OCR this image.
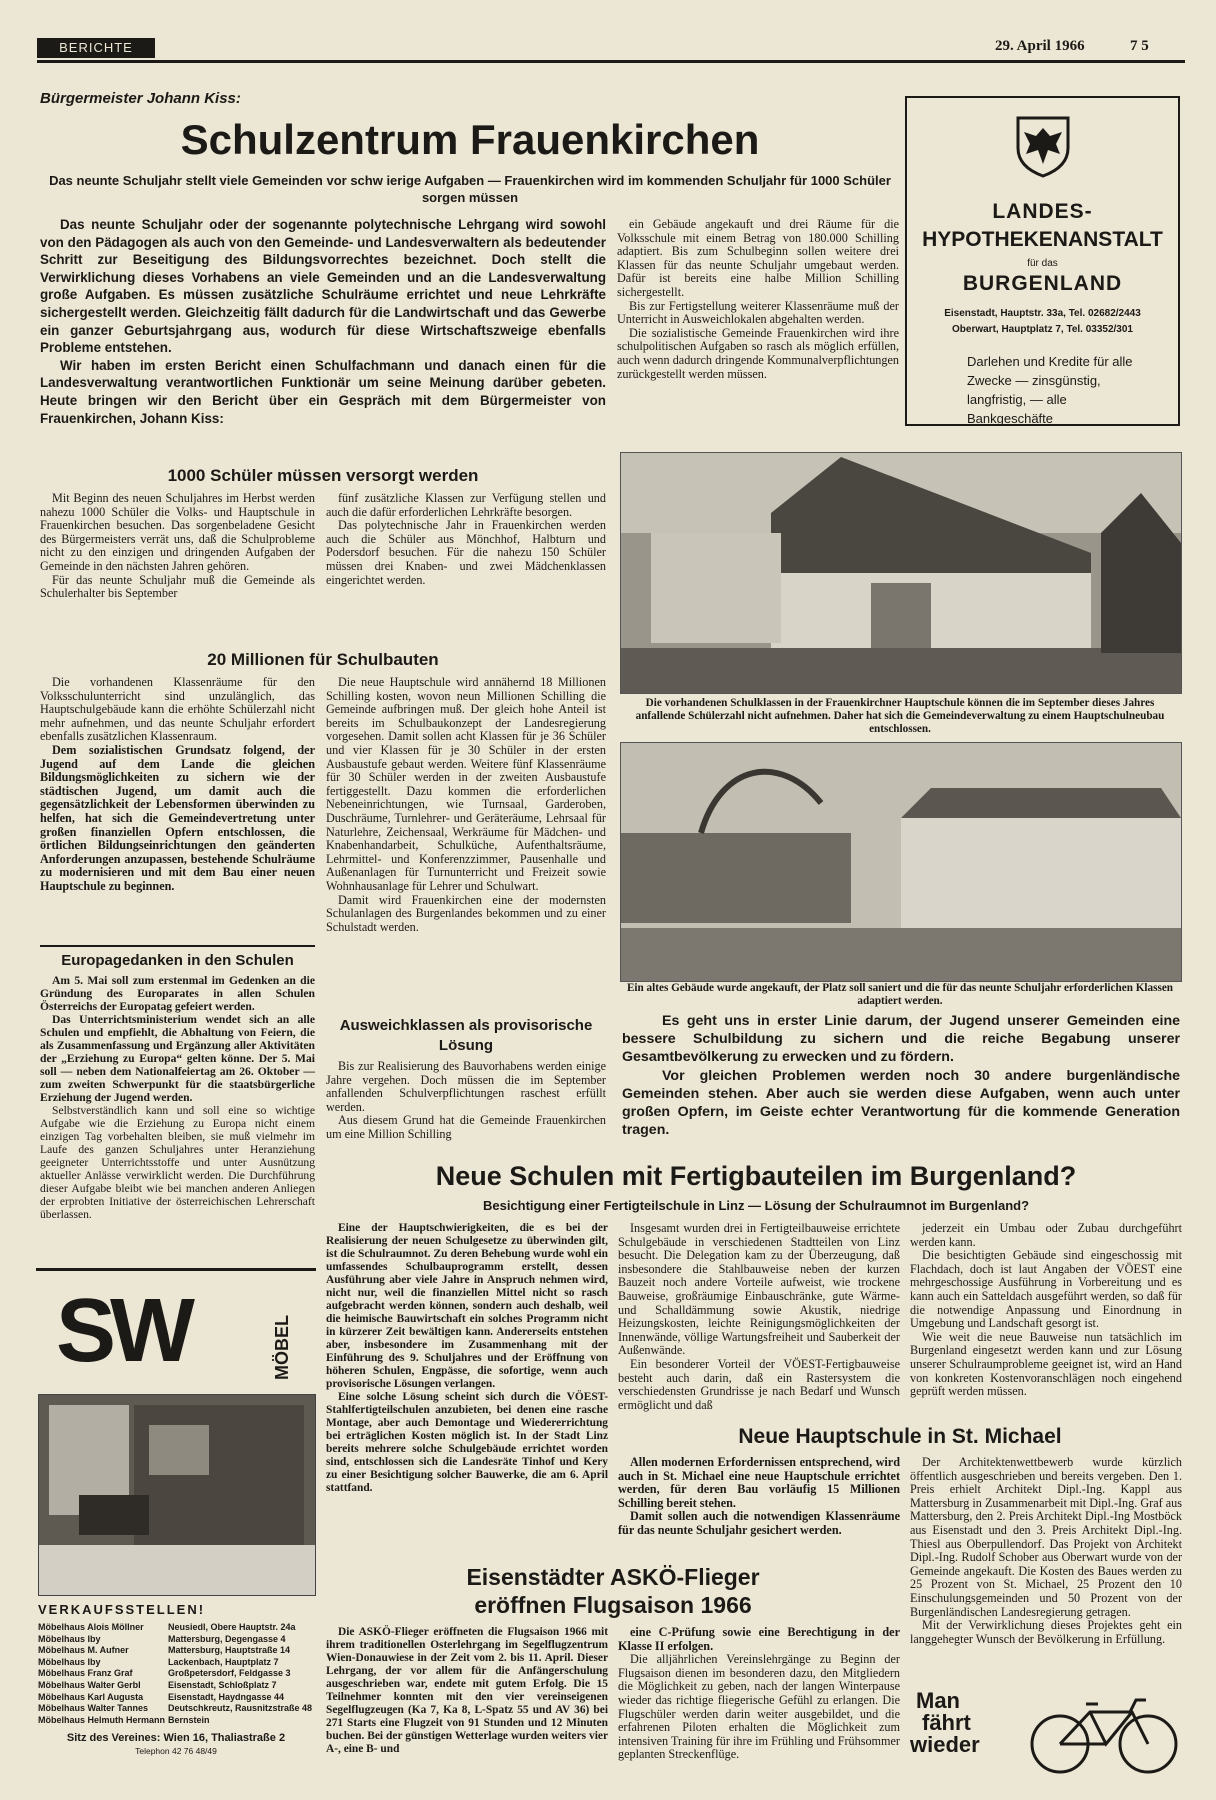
BERICHTE	29. April 1966	7 5
Bürgermeister Johann Kiss:
Schulzentrum Frauenkirchen
Das neunte Schuljahr stellt viele Gemeinden vor schw ierige Aufgaben — Frauenkirchen wird im kommenden Schuljahr für 1000 Schüler sorgen müssen

Das neunte Schuljahr oder der sogenannte polytechnische Lehrgang wird sowohl von den Pädagogen als auch von den Gemeinde- und Landesverwaltern als bedeutender Schritt zur Beseitigung des Bildungsvorrechtes bezeichnet. Doch stellt die Verwirklichung dieses Vorhabens an viele Gemeinden und an die Landesverwaltung große Aufgaben. Es müssen zusätzliche Schulräume errichtet und neue Lehrkräfte sichergestellt werden. Gleichzeitig fällt dadurch für die Landwirtschaft und das Gewerbe ein ganzer Geburtsjahrgang aus, wodurch für diese Wirtschaftszweige ebenfalls Probleme entstehen.

Wir haben im ersten Bericht einen Schulfachmann und danach einen für die Landesverwaltung verantwortlichen Funktionär um seine Meinung darüber gebeten. Heute bringen wir den Bericht über ein Gespräch mit dem Bürgermeister von Frauenkirchen, Johann Kiss:

ein Gebäude angekauft und drei Räume für die Volksschule mit einem Betrag von 180.000 Schilling adaptiert. Bis zum Schulbeginn sollen weitere drei Klassen für das neunte Schuljahr umgebaut werden. Dafür ist bereits eine halbe Million Schilling sichergestellt.

Bis zur Fertigstellung weiterer Klassenräume muß der Unterricht in Ausweichlokalen abgehalten werden.

Die sozialistische Gemeinde Frauenkirchen wird ihre schulpolitischen Aufgaben so rasch als möglich erfüllen, auch wenn dadurch dringende Kommunalverpflichtungen zurückgestellt werden müssen.

LANDES-
HYPOTHEKENANSTALT
für das
BURGENLAND
Eisenstadt, Hauptstr. 33a, Tel. 02682/2443
Oberwart, Hauptplatz 7, Tel. 03352/301
Darlehen und Kredite für alle Zwecke — zinsgünstig, langfristig, — alle Bankgeschäfte
1000 Schüler müssen versorgt werden

Mit Beginn des neuen Schuljahres im Herbst werden nahezu 1000 Schüler die Volks- und Hauptschule in Frauenkirchen besuchen. Das sorgenbeladene Gesicht des Bürgermeisters verrät uns, daß die Schulprobleme nicht zu den einzigen und dringenden Aufgaben der Gemeinde in den nächsten Jahren gehören.

Für das neunte Schuljahr muß die Gemeinde als Schulerhalter bis September

fünf zusätzliche Klassen zur Verfügung stellen und auch die dafür erforderlichen Lehrkräfte besorgen.

Das polytechnische Jahr in Frauenkirchen werden auch die Schüler aus Mönchhof, Halbturn und Podersdorf besuchen. Für die nahezu 150 Schüler müssen drei Knaben- und zwei Mädchenklassen eingerichtet werden.

20 Millionen für Schulbauten

Die vorhandenen Klassenräume für den Volksschulunterricht sind unzulänglich, das Hauptschulgebäude kann die erhöhte Schülerzahl nicht mehr aufnehmen, und das neunte Schuljahr erfordert ebenfalls zusätzlichen Klassenraum.

Dem sozialistischen Grundsatz folgend, der Jugend auf dem Lande die gleichen Bildungsmöglichkeiten zu sichern wie der städtischen Jugend, um damit auch die gegensätzlichkeit der Lebensformen überwinden zu helfen, hat sich die Gemeindevertretung unter großen finanziellen Opfern entschlossen, die örtlichen Bildungseinrichtungen den geänderten Anforderungen anzupassen, bestehende Schulräume zu modernisieren und mit dem Bau einer neuen Hauptschule zu beginnen.

Die neue Hauptschule wird annähernd 18 Millionen Schilling kosten, wovon neun Millionen Schilling die Gemeinde aufbringen muß. Der gleich hohe Anteil ist bereits im Schulbaukonzept der Landesregierung vorgesehen. Damit sollen acht Klassen für je 36 Schüler und vier Klassen für je 30 Schüler in der ersten Ausbaustufe gebaut werden. Weitere fünf Klassenräume für 30 Schüler werden in der zweiten Ausbaustufe fertiggestellt. Dazu kommen die erforderlichen Nebeneinrichtungen, wie Turnsaal, Garderoben, Duschräume, Turnlehrer- und Geräteräume, Lehrsaal für Naturlehre, Zeichensaal, Werkräume für Mädchen- und Knabenhandarbeit, Schulküche, Aufenthaltsräume, Lehrmittel- und Konferenzzimmer, Pausenhalle und Außenanlagen für Turnunterricht und Freizeit sowie Wohnhausanlage für Lehrer und Schulwart.

Damit wird Frauenkirchen eine der modernsten Schulanlagen des Burgenlandes bekommen und zu einer Schulstadt werden.

Ausweichklassen als provisorische Lösung

Bis zur Realisierung des Bauvorhabens werden einige Jahre vergehen. Doch müssen die im September anfallenden Schulverpflichtungen raschest erfüllt werden.

Aus diesem Grund hat die Gemeinde Frauenkirchen um eine Million Schilling

Europagedanken in den Schulen

Am 5. Mai soll zum erstenmal im Gedenken an die Gründung des Europarates in allen Schulen Österreichs der Europatag gefeiert werden.

Das Unterrichtsministerium wendet sich an alle Schulen und empfiehlt, die Abhaltung von Feiern, die als Zusammenfassung und Ergänzung aller Aktivitäten der „Erziehung zu Europa“ gelten könne. Der 5. Mai soll — neben dem Nationalfeiertag am 26. Oktober — zum zweiten Schwerpunkt für die staatsbürgerliche Erziehung der Jugend werden.

Selbstverständlich kann und soll eine so wichtige Aufgabe wie die Erziehung zu Europa nicht einem einzigen Tag vorbehalten bleiben, sie muß vielmehr im Laufe des ganzen Schuljahres unter Heranziehung geeigneter Unterrichtsstoffe und unter Ausnützung aktueller Anlässe verwirklicht werden. Die Durchführung dieser Aufgabe bleibt wie bei manchen anderen Anliegen der erprobten Initiative der österreichischen Lehrerschaft überlassen.

Die vorhandenen Schulklassen in der Frauenkirchner Hauptschule können die im September dieses Jahres anfallende Schülerzahl nicht aufnehmen. Daher hat sich die Gemeindeverwaltung zu einem Hauptschulneubau entschlossen.
Ein altes Gebäude wurde angekauft, der Platz soll saniert und die für das neunte Schuljahr erforderlichen Klassen adaptiert werden.

Es geht uns in erster Linie darum, der Jugend unserer Gemeinden eine bessere Schulbildung zu sichern und die reiche Begabung unserer Gesamtbevölkerung zu erwecken und zu fördern.

Vor gleichen Problemen werden noch 30 andere burgenländische Gemeinden stehen. Aber auch sie werden diese Aufgaben, wenn auch unter großen Opfern, im Geiste echter Verantwortung für die kommende Generation tragen.

SW	MÖBEL
VERKAUFSSTELLEN!
Möbelhaus Alois Möllner	Neusiedl, Obere Hauptstr. 24a
Möbelhaus Iby	Mattersburg, Degengasse 4
Möbelhaus M. Aufner	Mattersburg, Hauptstraße 14
Möbelhaus Iby	Lackenbach, Hauptplatz 7
Möbelhaus Franz Graf	Großpetersdorf, Feldgasse 3
Möbelhaus Walter Gerbl	Eisenstadt, Schloßplatz 7
Möbelhaus Karl Augusta	Eisenstadt, Haydngasse 44
Möbelhaus Walter Tannes	Deutschkreutz, Rausnitzstraße 48
Möbelhaus Helmuth Hermann Bernstein
Sitz des Vereines: Wien 16, Thaliastraße 2
Telephon 42 76 48/49
Neue Schulen mit Fertigbauteilen im Burgenland?
Besichtigung einer Fertigteilschule in Linz — Lösung der Schulraumnot im Burgenland?

Eine der Hauptschwierigkeiten, die es bei der Realisierung der neuen Schulgesetze zu überwinden gilt, ist die Schulraumnot. Zu deren Behebung wurde wohl ein umfassendes Schulbauprogramm erstellt, dessen Ausführung aber viele Jahre in Anspruch nehmen wird, nicht nur, weil die finanziellen Mittel nicht so rasch aufgebracht werden können, sondern auch deshalb, weil die heimische Bauwirtschaft ein solches Programm nicht in kürzerer Zeit bewältigen kann. Andererseits entstehen aber, insbesondere im Zusammenhang mit der Einführung des 9. Schuljahres und der Eröffnung von höheren Schulen, Engpässe, die sofortige, wenn auch provisorische Lösungen verlangen.

Eine solche Lösung scheint sich durch die VÖEST-Stahlfertigteilschulen anzubieten, bei denen eine rasche Montage, aber auch Demontage und Wiedererrichtung bei erträglichen Kosten möglich ist. In der Stadt Linz bereits mehrere solche Schulgebäude errichtet worden sind, entschlossen sich die Landesräte Tinhof und Kery zu einer Besichtigung solcher Bauwerke, die am 6. April stattfand.

Insgesamt wurden drei in Fertigteilbauweise errichtete Schulgebäude in verschiedenen Stadtteilen von Linz besucht. Die Delegation kam zu der Überzeugung, daß insbesondere die Stahlbauweise neben der kurzen Bauzeit noch andere Vorteile aufweist, wie trockene Bauweise, großräumige Einbauschränke, gute Wärme- und Schalldämmung sowie Akustik, niedrige Heizungskosten, leichte Reinigungsmöglichkeiten der Innenwände, völlige Wartungsfreiheit und Sauberkeit der Außenwände.

Ein besonderer Vorteil der VÖEST-Fertigbauweise besteht auch darin, daß ein Rastersystem die verschiedensten Grundrisse je nach Bedarf und Wunsch ermöglicht und daß

jederzeit ein Umbau oder Zubau durchgeführt werden kann.

Die besichtigten Gebäude sind eingeschossig mit Flachdach, doch ist laut Angaben der VÖEST eine mehrgeschossige Ausführung in Vorbereitung und es kann auch ein Satteldach ausgeführt werden, so daß für die notwendige Anpassung und Einordnung in Umgebung und Landschaft gesorgt ist.

Wie weit die neue Bauweise nun tatsächlich im Burgenland eingesetzt werden kann und zur Lösung unserer Schulraumprobleme geeignet ist, wird an Hand von konkreten Kostenvoranschlägen noch eingehend geprüft werden müssen.

Neue Hauptschule in St. Michael

Allen modernen Erfordernissen entsprechend, wird auch in St. Michael eine neue Hauptschule errichtet werden, für deren Bau vorläufig 15 Millionen Schilling bereit stehen.

Damit sollen auch die notwendigen Klassenräume für das neunte Schuljahr gesichert werden.

Der Architektenwettbewerb wurde kürzlich öffentlich ausgeschrieben und bereits vergeben. Den 1. Preis erhielt Architekt Dipl.-Ing. Kappl aus Mattersburg in Zusammenarbeit mit Dipl.-Ing. Graf aus Mattersburg, den 2. Preis Architekt Dipl.-Ing Mostböck aus Eisenstadt und den 3. Preis Architekt Dipl.-Ing. Thiesl aus Oberpullendorf. Das Projekt von Architekt Dipl.-Ing. Rudolf Schober aus Oberwart wurde von der Gemeinde angekauft. Die Kosten des Baues werden zu 25 Prozent von St. Michael, 25 Prozent den 10 Einschulungsgemeinden und 50 Prozent von der Burgenländischen Landesregierung getragen.

Mit der Verwirklichung dieses Projektes geht ein langgehegter Wunsch der Bevölkerung in Erfüllung.

Eisenstädter ASKÖ-Flieger
eröffnen Flugsaison 1966

Die ASKÖ-Flieger eröffneten die Flugsaison 1966 mit ihrem traditionellen Osterlehrgang im Segelflugzentrum Wien-Donauwiese in der Zeit vom 2. bis 11. April. Dieser Lehrgang, der vor allem für die Anfängerschulung ausgeschrieben war, endete mit gutem Erfolg. Die 15 Teilnehmer konnten mit den vier vereinseigenen Segelflugzeugen (Ka 7, Ka 8, L-Spatz 55 und AV 36) bei 271 Starts eine Flugzeit von 91 Stunden und 12 Minuten buchen. Bei der günstigen Wetterlage wurden weiters vier A-, eine B- und

eine C-Prüfung sowie eine Berechtigung in der Klasse II erfolgen.

Die alljährlichen Vereinslehrgänge zu Beginn der Flugsaison dienen im besonderen dazu, den Mitgliedern die Möglichkeit zu geben, nach der langen Winterpause wieder das richtige fliegerische Gefühl zu erlangen. Die Flugschüler werden darin weiter ausgebildet, und die erfahrenen Piloten erhalten die Möglichkeit zum intensiven Training für ihre im Frühling und Frühsommer geplanten Streckenflüge.

Man
fährt
wieder
